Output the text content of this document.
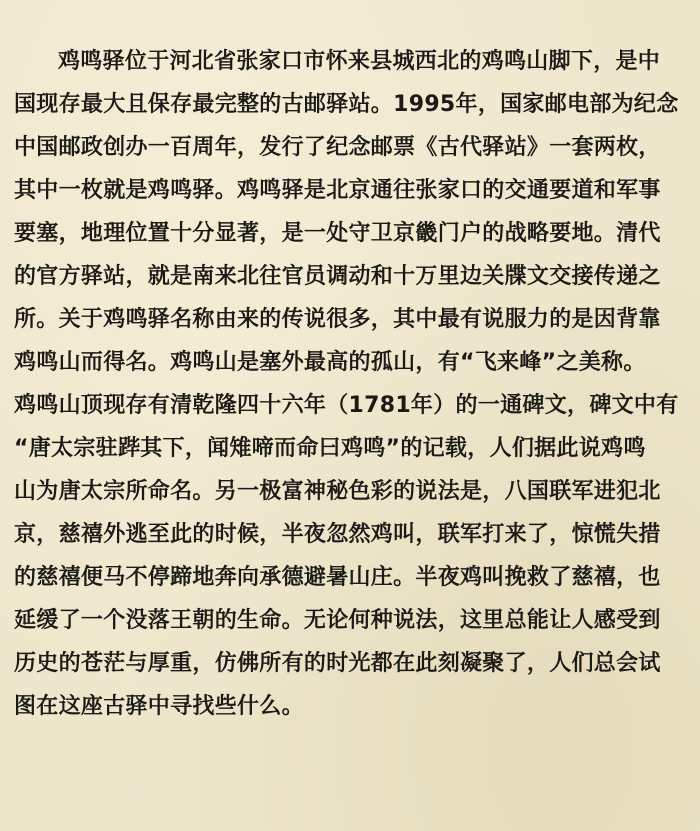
鸡鸣驿位于河北省张家口市怀来县城西北的鸡鸣山脚下，是中
国现存最大且保存最完整的古邮驿站。1995年，国家邮电部为纪念
中国邮政创办一百周年，发行了纪念邮票《古代驿站》一套两枚，
其中一枚就是鸡鸣驿。鸡鸣驿是北京通往张家口的交通要道和军事
要塞，地理位置十分显著，是一处守卫京畿门户的战略要地。清代
的官方驿站，就是南来北往官员调动和十万里边关牒文交接传递之
所。关于鸡鸣驿名称由来的传说很多，其中最有说服力的是因背靠
鸡鸣山而得名。鸡鸣山是塞外最高的孤山，有“飞来峰”之美称。
鸡鸣山顶现存有清乾隆四十六年（1781年）的一通碑文，碑文中有
“唐太宗驻跸其下，闻雉啼而命曰鸡鸣”的记载，人们据此说鸡鸣
山为唐太宗所命名。另一极富神秘色彩的说法是，八国联军进犯北
京，慈禧外逃至此的时候，半夜忽然鸡叫，联军打来了，惊慌失措
的慈禧便马不停蹄地奔向承德避暑山庄。半夜鸡叫挽救了慈禧，也
延缓了一个没落王朝的生命。无论何种说法，这里总能让人感受到
历史的苍茫与厚重，仿佛所有的时光都在此刻凝聚了，人们总会试
图在这座古驿中寻找些什么。
